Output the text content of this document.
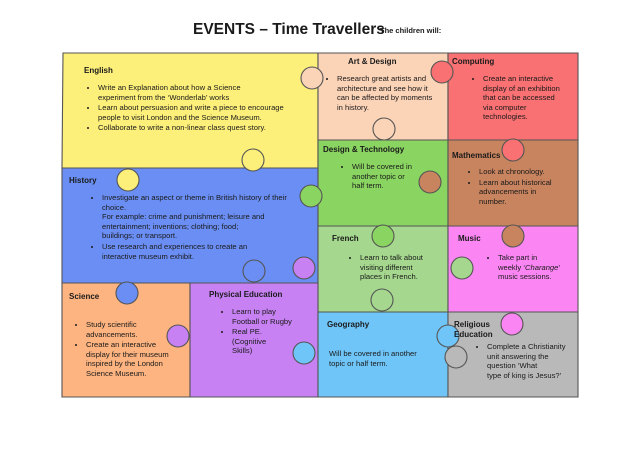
EVENTS – Time Travellers
The children will:
English
• Write an Explanation about how a Science
experiment from the ‘Wonderlab’ works
• Learn about persuasion and write a piece to encourage
people to visit London and the Science Museum.
• Collaborate to write a non-linear class quest story.
Art & Design
• Research great artists and
architecture and see how it
can be affected by moments
in history.
Computing
• Create an interactive
display of an exhibition
that can be accessed
via computer
technologies.
History
• Investigate an aspect or theme in British history of their
choice.
For example: crime and punishment; leisure and
entertainment; inventions; clothing; food;
buildings; or transport.
• Use research and experiences to create an
interactive museum exhibit.
Design & Technology
• Will be covered in
another topic or
half term.
Mathematics
• Look at chronology.
• Learn about historical
advancements in
number.
French
• Learn to talk about
visiting different
places in French.
Music
• Take part in
weekly ‘Charange’
music sessions.
Science
• Study scientific
advancements.
• Create an interactive
display for their museum
inspired by the London
Science Museum.
Physical Education
• Learn to play
Football or Rugby
• Real PE.
(Cognitive
Skills)
Geography
Will be covered in another
topic or half term.
Religious
Education
• Complete a Christianity
unit answering the
question ‘What
type of king is Jesus?’
